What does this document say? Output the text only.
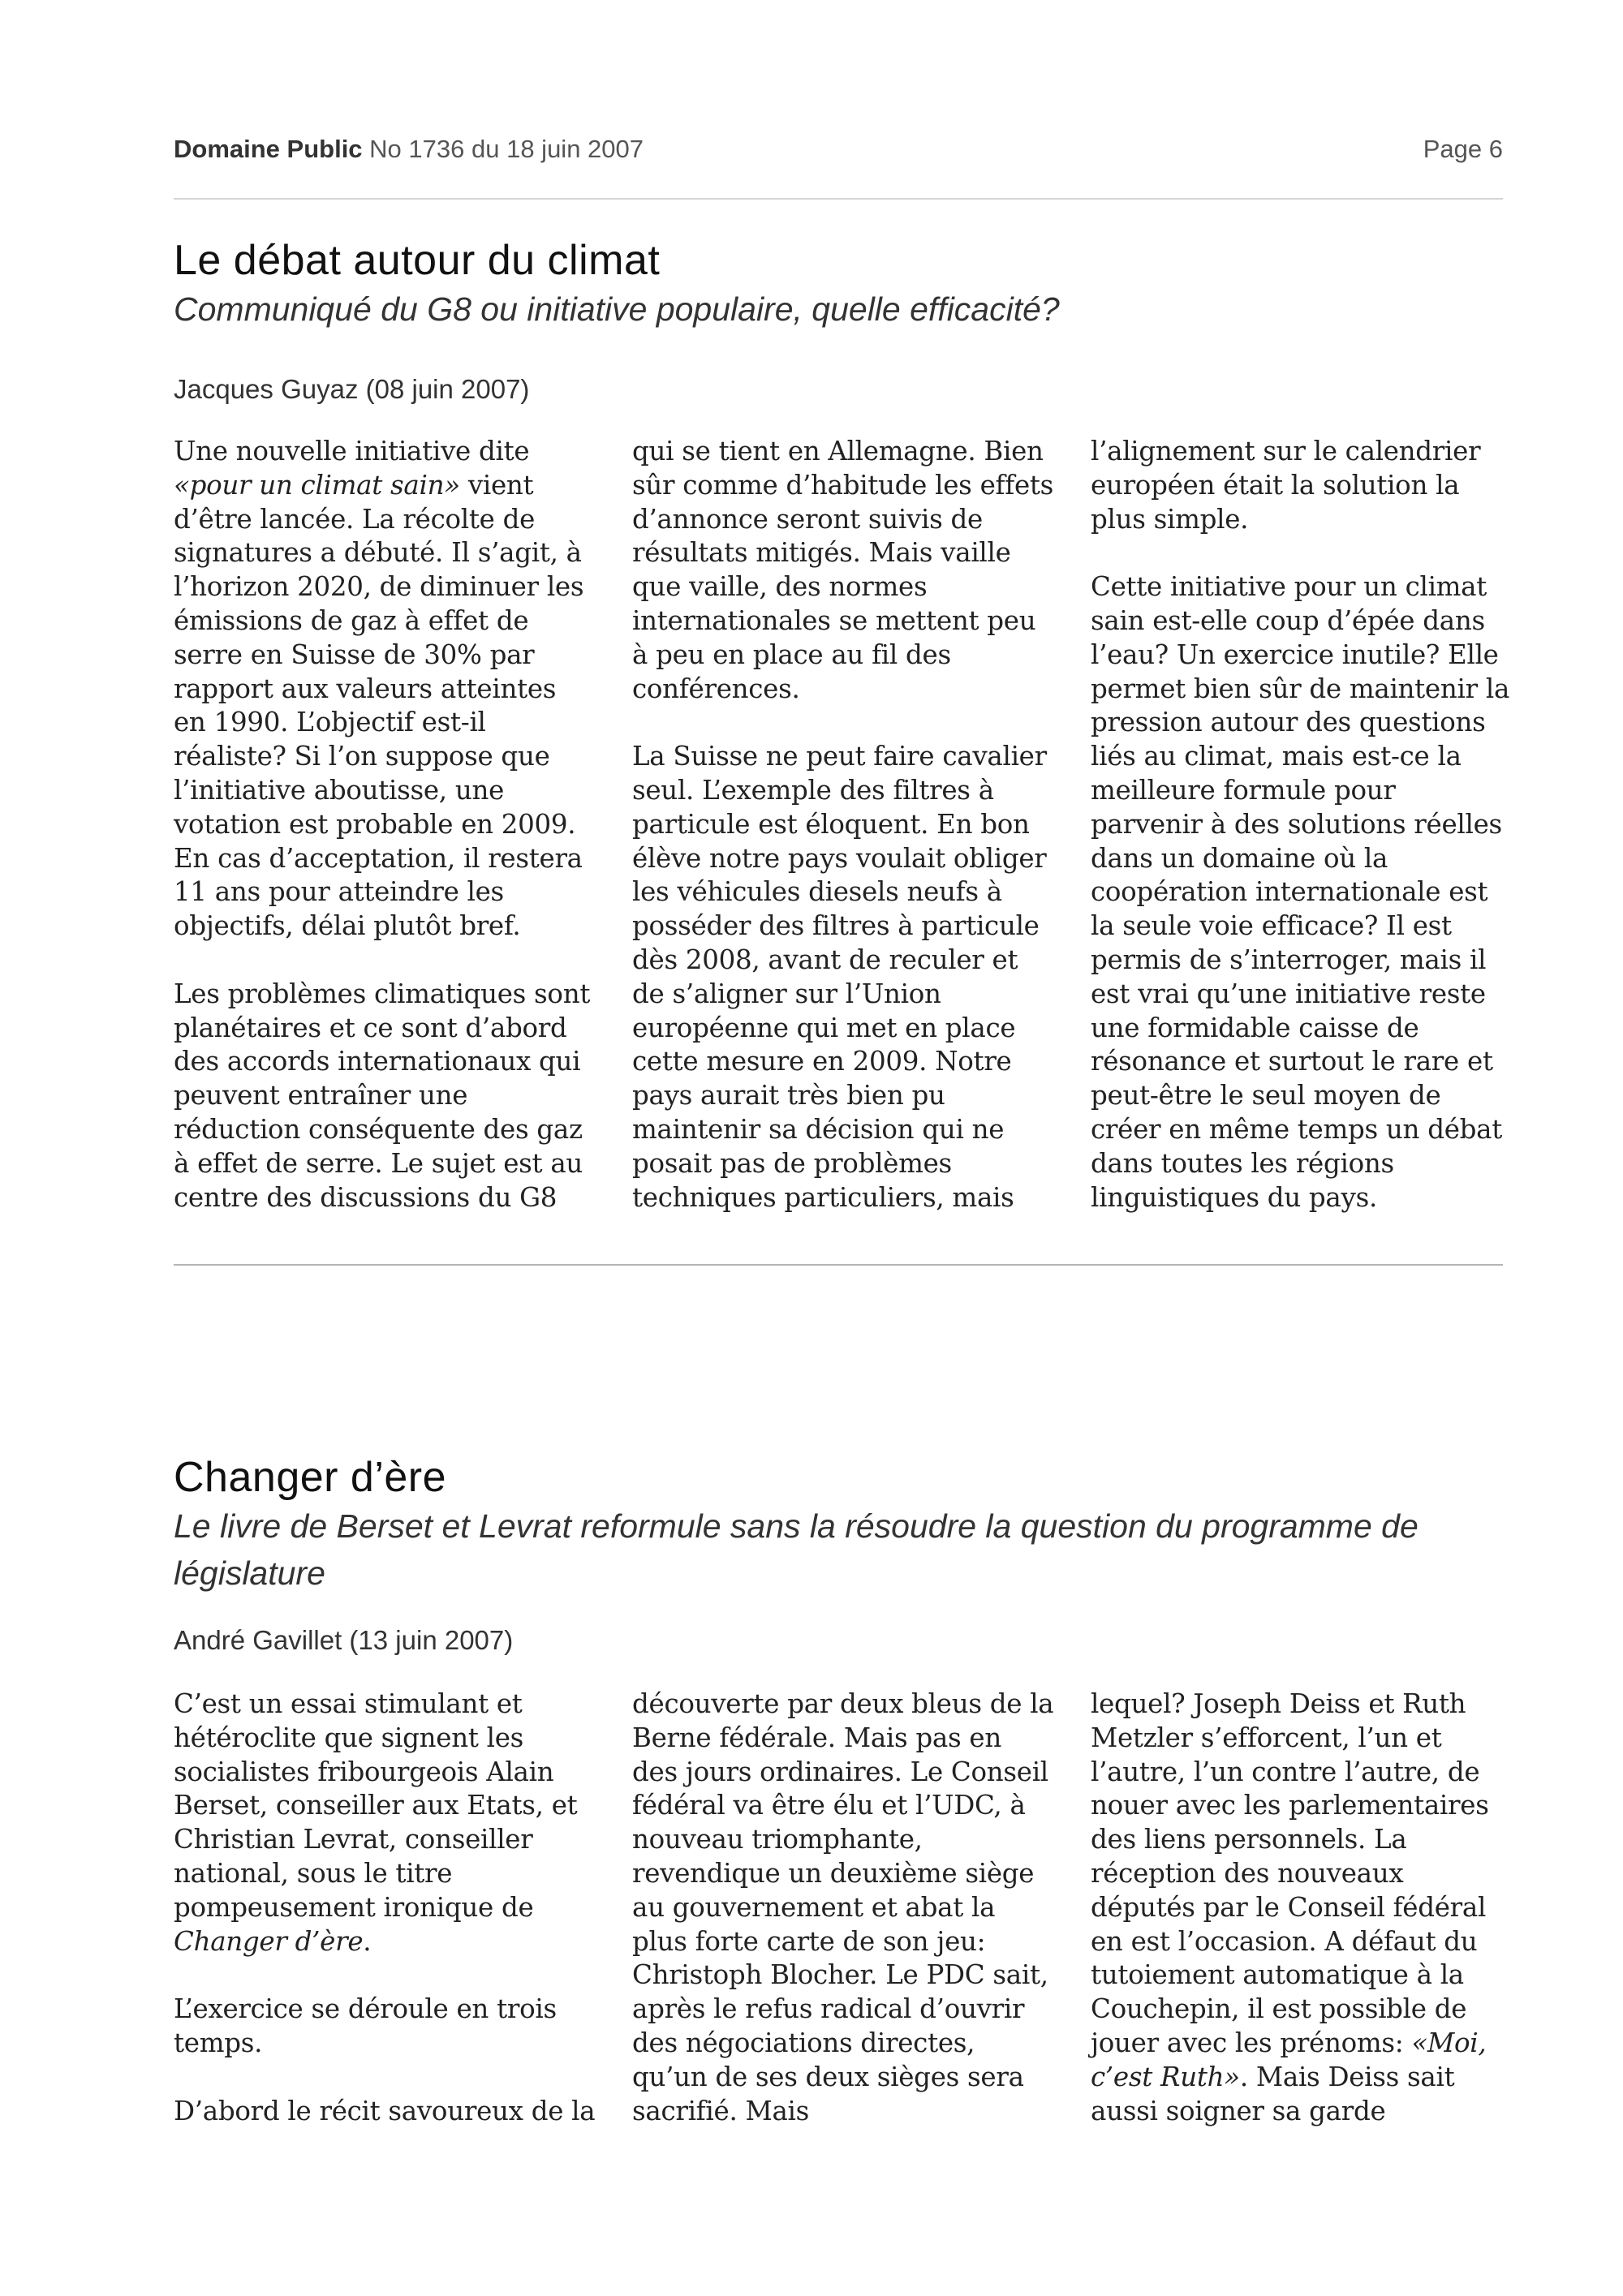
Domaine Public No 1736 du 18 juin 2007	Page 6
Le débat autour du climat
Communiqué du G8 ou initiative populaire, quelle efficacité?
Jacques Guyaz (08 juin 2007)

Une nouvelle initiative dite «pour un climat sain» vient d’être lancée. La récolte de signatures a débuté. Il s’agit, à l’horizon 2020, de diminuer les émissions de gaz à effet de serre en Suisse de 30% par rapport aux valeurs atteintes en 1990. L’objectif est-il réaliste? Si l’on suppose que l’initiative aboutisse, une votation est probable en 2009. En cas d’acceptation, il restera 11 ans pour atteindre les objectifs, délai plutôt bref.

Les problèmes climatiques sont planétaires et ce sont d’abord des accords internationaux qui peuvent entraîner une réduction conséquente des gaz à effet de serre. Le sujet est au centre des discussions du G8

qui se tient en Allemagne. Bien sûr comme d’habitude les effets d’annonce seront suivis de résultats mitigés. Mais vaille que vaille, des normes internationales se mettent peu à peu en place au fil des conférences.

La Suisse ne peut faire cavalier seul. L’exemple des filtres à particule est éloquent. En bon élève notre pays voulait obliger les véhicules diesels neufs à posséder des filtres à particule dès 2008, avant de reculer et de s’aligner sur l’Union européenne qui met en place cette mesure en 2009. Notre pays aurait très bien pu maintenir sa décision qui ne posait pas de problèmes techniques particuliers, mais

l’alignement sur le calendrier européen était la solution la plus simple.

Cette initiative pour un climat sain est-elle coup d’épée dans l’eau? Un exercice inutile? Elle permet bien sûr de maintenir la pression autour des questions liés au climat, mais est-ce la meilleure formule pour parvenir à des solutions réelles dans un domaine où la coopération internationale est la seule voie efficace? Il est permis de s’interroger, mais il est vrai qu’une initiative reste une formidable caisse de résonance et surtout le rare et peut-être le seul moyen de créer en même temps un débat dans toutes les régions linguistiques du pays.

Changer d’ère
Le livre de Berset et Levrat reformule sans la résoudre la question du programme de législature
André Gavillet (13 juin 2007)

C’est un essai stimulant et hétéroclite que signent les socialistes fribourgeois Alain Berset, conseiller aux Etats, et Christian Levrat, conseiller national, sous le titre pompeusement ironique de Changer d’ère.

L’exercice se déroule en trois temps.

D’abord le récit savoureux de la

découverte par deux bleus de la Berne fédérale. Mais pas en des jours ordinaires. Le Conseil fédéral va être élu et l’UDC, à nouveau triomphante, revendique un deuxième siège au gouvernement et abat la plus forte carte de son jeu: Christoph Blocher. Le PDC sait, après le refus radical d’ouvrir des négociations directes, qu’un de ses deux sièges sera sacrifié. Mais

lequel? Joseph Deiss et Ruth Metzler s’efforcent, l’un et l’autre, l’un contre l’autre, de nouer avec les parlementaires des liens personnels. La réception des nouveaux députés par le Conseil fédéral en est l’occasion. A défaut du tutoiement automatique à la Couchepin, il est possible de jouer avec les prénoms: «Moi, c’est Ruth». Mais Deiss sait aussi soigner sa garde
